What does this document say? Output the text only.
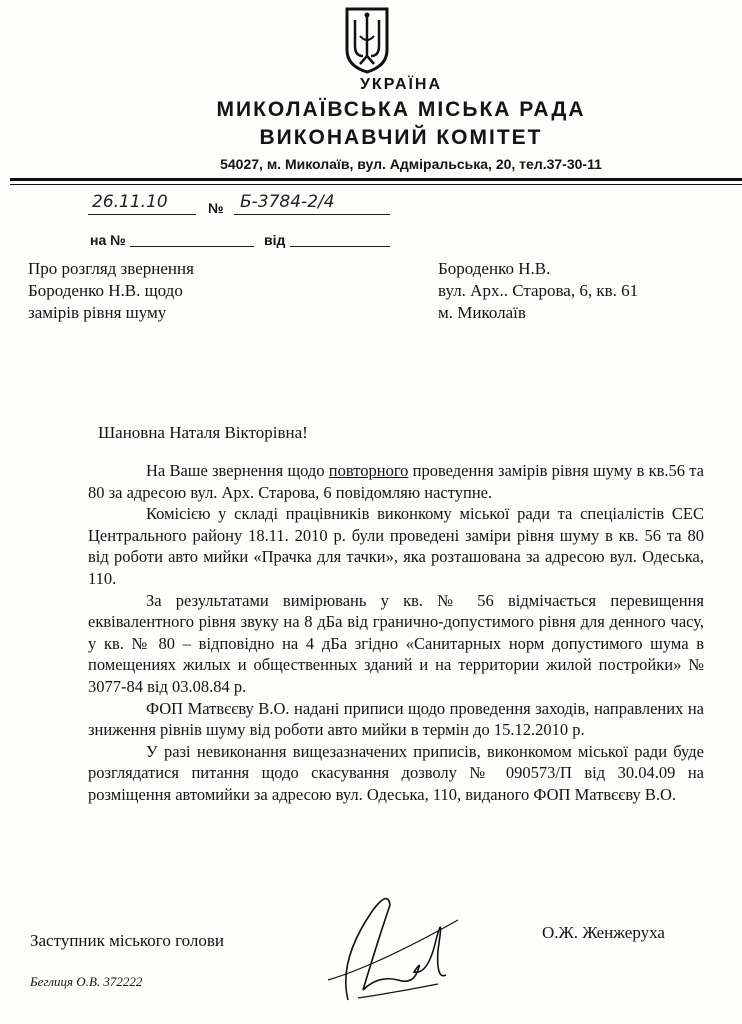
УКРАЇНА
МИКОЛАЇВСЬКА МІСЬКА РАДА
ВИКОНАВЧИЙ КОМІТЕТ
54027, м. Миколаїв, вул. Адміральська, 20, тел.37-30-11
26.11.10	№ Б-3784-2/4
на №	від
Про розгляд звернення
Бороденко Н.В. щодо
замірів рівня шуму
Бороденко Н.В.
вул. Арх.. Старова, 6, кв. 61
м. Миколаїв
Шановна Наталя Вікторівна!

На Ваше звернення щодо повторного проведення замірів рівня шуму в кв.56 та 80 за адресою вул. Арх. Старова, 6 повідомляю наступне.

Комісією у складі працівників виконкому міської ради та спеціалістів СЕС Центрального району 18.11. 2010 р. були проведені заміри рівня шуму в кв. 56 та 80 від роботи авто мийки «Прачка для тачки», яка розташована за адресою вул. Одеська, 110.

За результатами вимірювань у кв. № 56 відмічається перевищення еквівалентного рівня звуку на 8 дБа від гранично-допустимого рівня для денного часу, у кв. № 80 – відповідно на 4 дБа згідно «Санитарных норм допустимого шума в помещениях жилых и общественных зданий и на территории жилой постройки» № 3077-84 від 03.08.84 р.

ФОП Матвєєву В.О. надані приписи щодо проведення заходів, направлених на зниження рівнів шуму від роботи авто мийки в термін до 15.12.2010 р.

У разі невиконання вищезазначених приписів, виконкомом міської ради буде розглядатися питання щодо скасування дозволу № 090573/П від 30.04.09 на розміщення автомийки за адресою вул. Одеська, 110, виданого ФОП Матвєєву В.О.

Заступник міського голови	О.Ж. Женжеруха
Беглиця О.В. 372222
